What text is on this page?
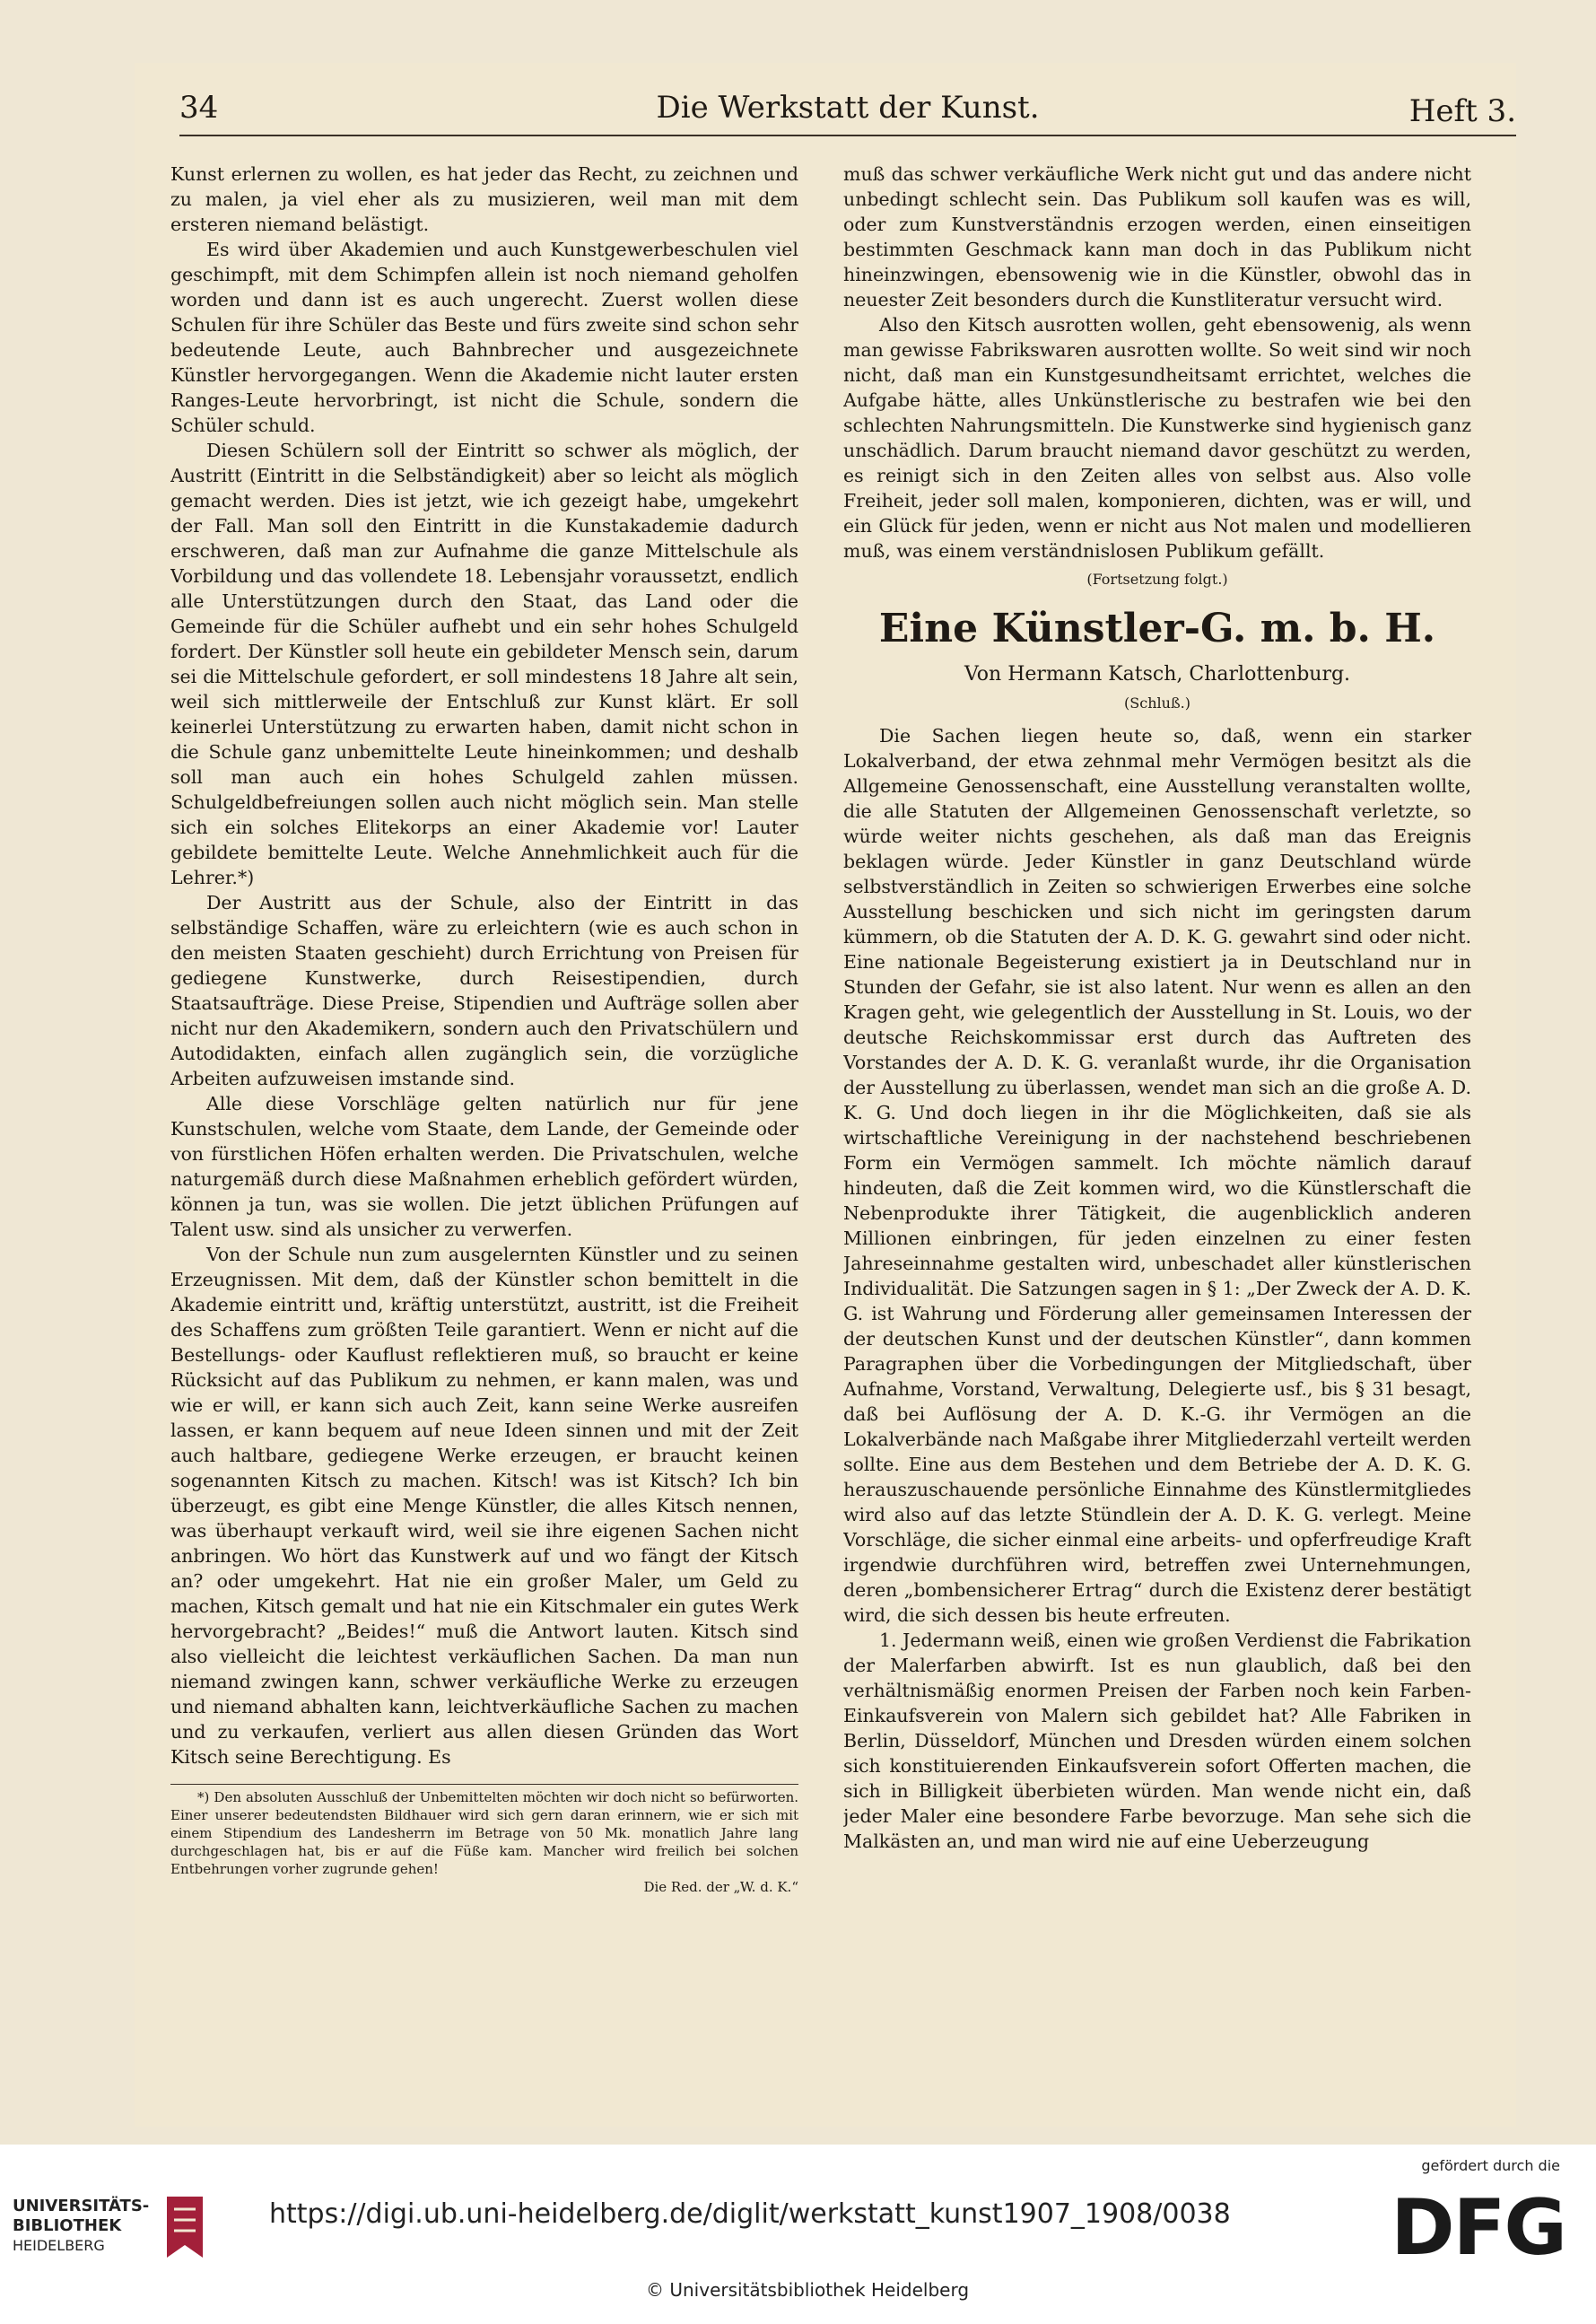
34	Die Werkstatt der Kunst.	Heft 3.

Kunst erlernen zu wollen, es hat jeder das Recht, zu zeichnen und zu malen, ja viel eher als zu musizieren, weil man mit dem ersteren niemand belästigt.

Es wird über Akademien und auch Kunstgewerbeschulen viel geschimpft, mit dem Schimpfen allein ist noch niemand geholfen worden und dann ist es auch ungerecht. Zuerst wollen diese Schulen für ihre Schüler das Beste und fürs zweite sind schon sehr bedeutende Leute, auch Bahnbrecher und ausgezeichnete Künstler hervorgegangen. Wenn die Akademie nicht lauter ersten Ranges-Leute hervorbringt, ist nicht die Schule, sondern die Schüler schuld.

Diesen Schülern soll der Eintritt so schwer als möglich, der Austritt (Eintritt in die Selbständigkeit) aber so leicht als möglich gemacht werden. Dies ist jetzt, wie ich gezeigt habe, umgekehrt der Fall. Man soll den Eintritt in die Kunstakademie dadurch erschweren, daß man zur Aufnahme die ganze Mittelschule als Vorbildung und das vollendete 18. Lebensjahr voraussetzt, endlich alle Unterstützungen durch den Staat, das Land oder die Gemeinde für die Schüler aufhebt und ein sehr hohes Schulgeld fordert. Der Künstler soll heute ein gebildeter Mensch sein, darum sei die Mittelschule gefordert, er soll mindestens 18 Jahre alt sein, weil sich mittlerweile der Entschluß zur Kunst klärt. Er soll keinerlei Unterstützung zu erwarten haben, damit nicht schon in die Schule ganz unbemittelte Leute hineinkommen; und deshalb soll man auch ein hohes Schulgeld zahlen müssen. Schulgeldbefreiungen sollen auch nicht möglich sein. Man stelle sich ein solches Elitekorps an einer Akademie vor! Lauter gebildete bemittelte Leute. Welche Annehmlichkeit auch für die Lehrer.*)

Der Austritt aus der Schule, also der Eintritt in das selbständige Schaffen, wäre zu erleichtern (wie es auch schon in den meisten Staaten geschieht) durch Errichtung von Preisen für gediegene Kunstwerke, durch Reisestipendien, durch Staatsaufträge. Diese Preise, Stipendien und Aufträge sollen aber nicht nur den Akademikern, sondern auch den Privatschülern und Autodidakten, einfach allen zugänglich sein, die vorzügliche Arbeiten aufzuweisen imstande sind.

Alle diese Vorschläge gelten natürlich nur für jene Kunstschulen, welche vom Staate, dem Lande, der Gemeinde oder von fürstlichen Höfen erhalten werden. Die Privatschulen, welche naturgemäß durch diese Maßnahmen erheblich gefördert würden, können ja tun, was sie wollen. Die jetzt üblichen Prüfungen auf Talent usw. sind als unsicher zu verwerfen.

Von der Schule nun zum ausgelernten Künstler und zu seinen Erzeugnissen. Mit dem, daß der Künstler schon bemittelt in die Akademie eintritt und, kräftig unterstützt, austritt, ist die Freiheit des Schaffens zum größten Teile garantiert. Wenn er nicht auf die Bestellungs- oder Kauflust reflektieren muß, so braucht er keine Rücksicht auf das Publikum zu nehmen, er kann malen, was und wie er will, er kann sich auch Zeit, kann seine Werke ausreifen lassen, er kann bequem auf neue Ideen sinnen und mit der Zeit auch haltbare, gediegene Werke erzeugen, er braucht keinen sogenannten Kitsch zu machen. Kitsch! was ist Kitsch? Ich bin überzeugt, es gibt eine Menge Künstler, die alles Kitsch nennen, was überhaupt verkauft wird, weil sie ihre eigenen Sachen nicht anbringen. Wo hört das Kunstwerk auf und wo fängt der Kitsch an? oder umgekehrt. Hat nie ein großer Maler, um Geld zu machen, Kitsch gemalt und hat nie ein Kitschmaler ein gutes Werk hervorgebracht? „Beides!“ muß die Antwort lauten. Kitsch sind also vielleicht die leichtest verkäuflichen Sachen. Da man nun niemand zwingen kann, schwer verkäufliche Werke zu erzeugen und niemand abhalten kann, leichtverkäufliche Sachen zu machen und zu verkaufen, verliert aus allen diesen Gründen das Wort Kitsch seine Berechtigung. Es

*) Den absoluten Ausschluß der Unbemittelten möchten wir doch nicht so befürworten. Einer unserer bedeutendsten Bildhauer wird sich gern daran erinnern, wie er sich mit einem Stipendium des Landesherrn im Betrage von 50 Mk. monatlich Jahre lang durchgeschlagen hat, bis er auf die Füße kam. Mancher wird freilich bei solchen Entbehrungen vorher zugrunde gehen!
Die Red. der „W. d. K.“

muß das schwer verkäufliche Werk nicht gut und das andere nicht unbedingt schlecht sein. Das Publikum soll kaufen was es will, oder zum Kunstverständnis erzogen werden, einen einseitigen bestimmten Geschmack kann man doch in das Publikum nicht hineinzwingen, ebensowenig wie in die Künstler, obwohl das in neuester Zeit besonders durch die Kunstliteratur versucht wird.

Also den Kitsch ausrotten wollen, geht ebensowenig, als wenn man gewisse Fabrikswaren ausrotten wollte. So weit sind wir noch nicht, daß man ein Kunstgesundheitsamt errichtet, welches die Aufgabe hätte, alles Unkünstlerische zu bestrafen wie bei den schlechten Nahrungsmitteln. Die Kunstwerke sind hygienisch ganz unschädlich. Darum braucht niemand davor geschützt zu werden, es reinigt sich in den Zeiten alles von selbst aus. Also volle Freiheit, jeder soll malen, komponieren, dichten, was er will, und ein Glück für jeden, wenn er nicht aus Not malen und modellieren muß, was einem verständnislosen Publikum gefällt.

(Fortsetzung folgt.)
Eine Künstler-G. m. b. H.
Von Hermann Katsch, Charlottenburg.
(Schluß.)

Die Sachen liegen heute so, daß, wenn ein starker Lokalverband, der etwa zehnmal mehr Vermögen besitzt als die Allgemeine Genossenschaft, eine Ausstellung veranstalten wollte, die alle Statuten der Allgemeinen Genossenschaft verletzte, so würde weiter nichts geschehen, als daß man das Ereignis beklagen würde. Jeder Künstler in ganz Deutschland würde selbstverständlich in Zeiten so schwierigen Erwerbes eine solche Ausstellung beschicken und sich nicht im geringsten darum kümmern, ob die Statuten der A. D. K. G. gewahrt sind oder nicht. Eine nationale Begeisterung existiert ja in Deutschland nur in Stunden der Gefahr, sie ist also latent. Nur wenn es allen an den Kragen geht, wie gelegentlich der Ausstellung in St. Louis, wo der deutsche Reichskommissar erst durch das Auftreten des Vorstandes der A. D. K. G. veranlaßt wurde, ihr die Organisation der Ausstellung zu überlassen, wendet man sich an die große A. D. K. G. Und doch liegen in ihr die Möglichkeiten, daß sie als wirtschaftliche Vereinigung in der nachstehend beschriebenen Form ein Vermögen sammelt. Ich möchte nämlich darauf hindeuten, daß die Zeit kommen wird, wo die Künstlerschaft die Nebenprodukte ihrer Tätigkeit, die augenblicklich anderen Millionen einbringen, für jeden einzelnen zu einer festen Jahreseinnahme gestalten wird, unbeschadet aller künstlerischen Individualität. Die Satzungen sagen in § 1: „Der Zweck der A. D. K. G. ist Wahrung und Förderung aller gemeinsamen Interessen der der deutschen Kunst und der deutschen Künstler“, dann kommen Paragraphen über die Vorbedingungen der Mitgliedschaft, über Aufnahme, Vorstand, Verwaltung, Delegierte usf., bis § 31 besagt, daß bei Auflösung der A. D. K.-G. ihr Vermögen an die Lokalverbände nach Maßgabe ihrer Mitgliederzahl verteilt werden sollte. Eine aus dem Bestehen und dem Betriebe der A. D. K. G. herauszuschauende persönliche Einnahme des Künstlermitgliedes wird also auf das letzte Stündlein der A. D. K. G. verlegt. Meine Vorschläge, die sicher einmal eine arbeits- und opferfreudige Kraft irgendwie durchführen wird, betreffen zwei Unternehmungen, deren „bombensicherer Ertrag“ durch die Existenz derer bestätigt wird, die sich dessen bis heute erfreuten.

1. Jedermann weiß, einen wie großen Verdienst die Fabrikation der Malerfarben abwirft. Ist es nun glaublich, daß bei den verhältnismäßig enormen Preisen der Farben noch kein Farben-Einkaufsverein von Malern sich gebildet hat? Alle Fabriken in Berlin, Düsseldorf, München und Dresden würden einem solchen sich konstituierenden Einkaufsverein sofort Offerten machen, die sich in Billigkeit überbieten würden. Man wende nicht ein, daß jeder Maler eine besondere Farbe bevorzuge. Man sehe sich die Malkästen an, und man wird nie auf eine Ueberzeugung

UNIVERSITÄTS-
BIBLIOTHEK
HEIDELBERG
https://digi.ub.uni-heidelberg.de/diglit/werkstatt_kunst1907_1908/0038
© Universitätsbibliothek Heidelberg
gefördert durch die
DFG
